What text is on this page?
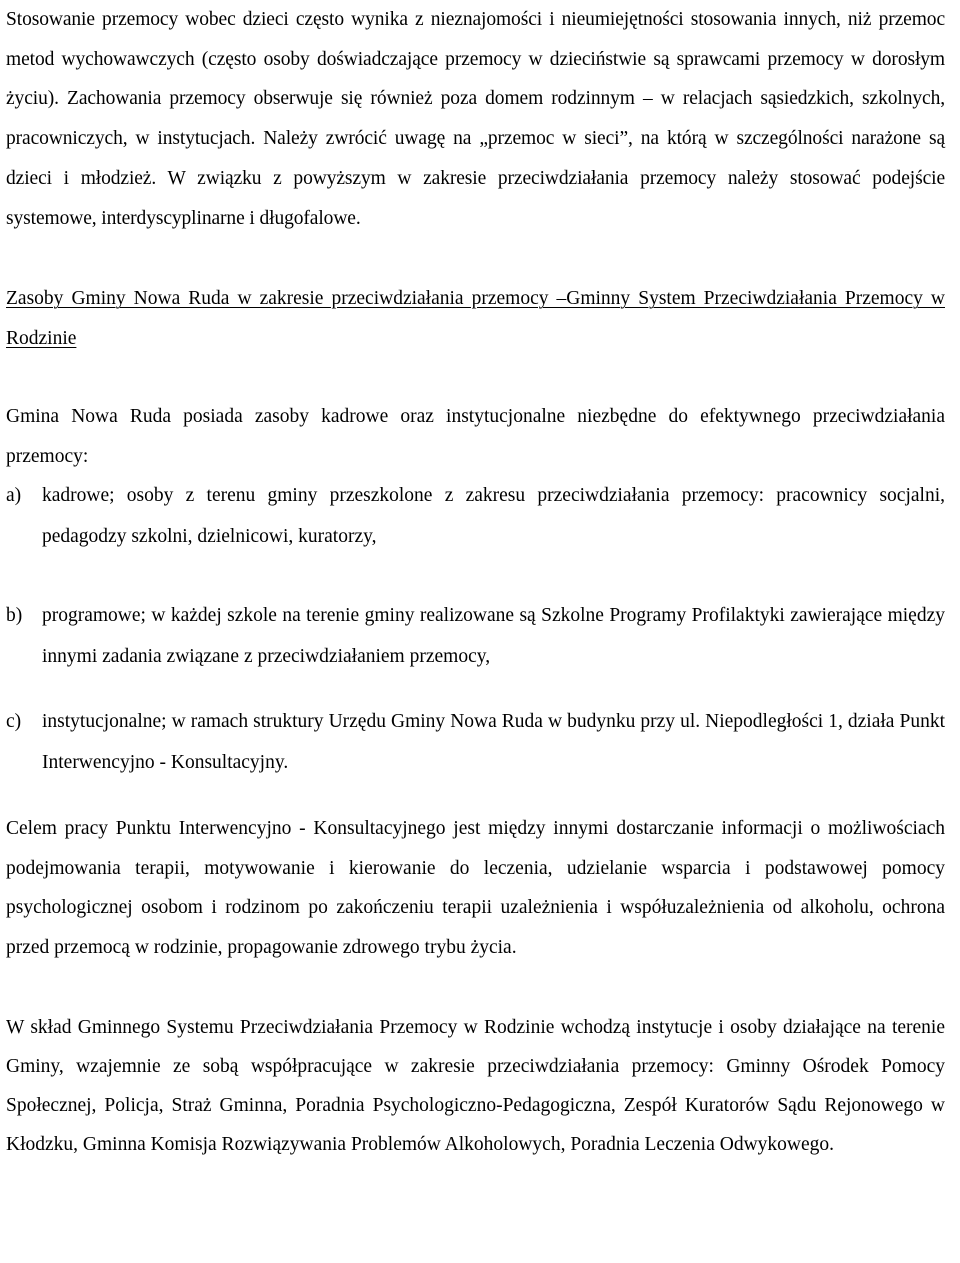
Stosowanie przemocy wobec dzieci często wynika z nieznajomości i nieumiejętności stosowania innych, niż przemoc metod wychowawczych (często osoby doświadczające przemocy w dzieciństwie są sprawcami przemocy w dorosłym życiu). Zachowania przemocy obserwuje się również poza domem rodzinnym – w relacjach sąsiedzkich, szkolnych, pracowniczych, w instytucjach. Należy zwrócić uwagę na „przemoc w sieci”, na którą w szczególności narażone są dzieci i młodzież. W związku z powyższym w zakresie przeciwdziałania przemocy należy stosować podejście systemowe, interdyscyplinarne i długofalowe.

Zasoby Gminy Nowa Ruda w zakresie przeciwdziałania przemocy –Gminny System Przeciwdziałania Przemocy w Rodzinie

Gmina Nowa Ruda posiada zasoby kadrowe oraz instytucjonalne niezbędne do efektywnego przeciwdziałania przemocy:

a) kadrowe; osoby z terenu gminy przeszkolone z zakresu przeciwdziałania przemocy: pracownicy socjalni, pedagodzy szkolni, dzielnicowi, kuratorzy,
b) programowe; w każdej szkole na terenie gminy realizowane są Szkolne Programy Profilaktyki zawierające między innymi zadania związane z przeciwdziałaniem przemocy,
c) instytucjonalne; w ramach struktury Urzędu Gminy Nowa Ruda w budynku przy ul. Niepodległości 1, działa Punkt Interwencyjno - Konsultacyjny.

Celem pracy Punktu Interwencyjno - Konsultacyjnego jest między innymi dostarczanie informacji o możliwościach podejmowania terapii, motywowanie i kierowanie do leczenia, udzielanie wsparcia i podstawowej pomocy psychologicznej osobom i rodzinom po zakończeniu terapii uzależnienia i współuzależnienia od alkoholu, ochrona przed przemocą w rodzinie, propagowanie zdrowego trybu życia.

W skład Gminnego Systemu Przeciwdziałania Przemocy w Rodzinie wchodzą instytucje i osoby działające na terenie Gminy, wzajemnie ze sobą współpracujące w zakresie przeciwdziałania przemocy: Gminny Ośrodek Pomocy Społecznej, Policja, Straż Gminna, Poradnia Psychologiczno-Pedagogiczna, Zespół Kuratorów Sądu Rejonowego w Kłodzku, Gminna Komisja Rozwiązywania Problemów Alkoholowych, Poradnia Leczenia Odwykowego.
